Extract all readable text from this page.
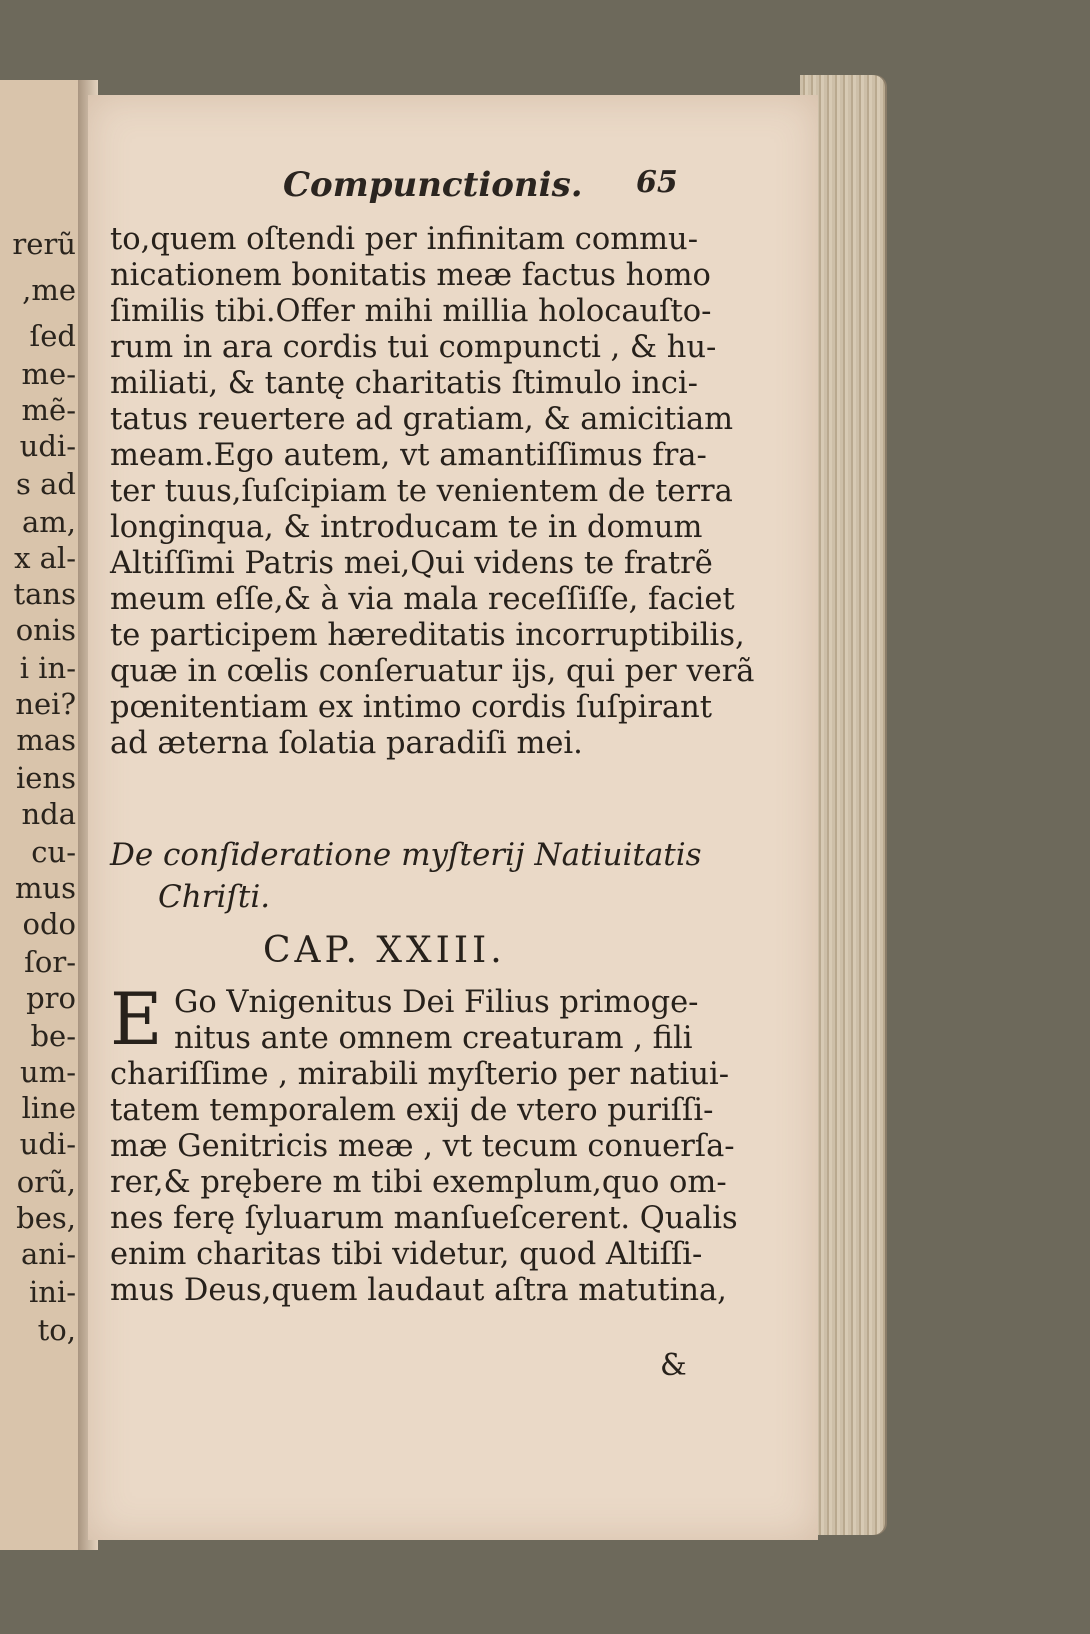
rerũ
,me
ſed
me-
mẽ-
udi-
s ad
am,
x al-
tans
onis
i in-
nei?
mas
iens
nda
cu-
mus
odo
ſor-
pro
be-
um-
line
udi-
orũ,
bes,
ani-
ini-
to,
Compunctionis. 65
to,quem oſtendi per infinitam commu-
nicationem bonitatis meæ factus homo
ſimilis tibi.Offer mihi millia holocauſto-
rum in ara cordis tui compuncti , & hu-
miliati, & tantę charitatis ſtimulo inci-
tatus reuertere ad gratiam, & amicitiam
meam.Ego autem, vt amantiſſimus fra-
ter tuus,ſuſcipiam te venientem de terra
longinqua, & introducam te in domum
Altiſſimi Patris mei,Qui videns te fratrẽ
meum eſſe,& à via mala receſſiſſe, faciet
te participem hæreditatis incorruptibilis,
quæ in cœlis conſeruatur ijs, qui per verã
pœnitentiam ex intimo cordis ſuſpirant
ad æterna ſolatia paradiſi mei.
De conſideratione myſterij Natiuitatis
Chriſti.
CAP. XXIII.
E Go Vnigenitus Dei Filius primoge-
nitus ante omnem creaturam , fili
chariſſime , mirabili myſterio per natiui-
tatem temporalem exij de vtero puriſſi-
mæ Genitricis meæ , vt tecum conuerſa-
rer,& prębere m tibi exemplum,quo om-
nes ferę ſyluarum manſueſcerent. Qualis
enim charitas tibi videtur, quod Altiſſi-
mus Deus,quem laudaut aſtra matutina,
&
